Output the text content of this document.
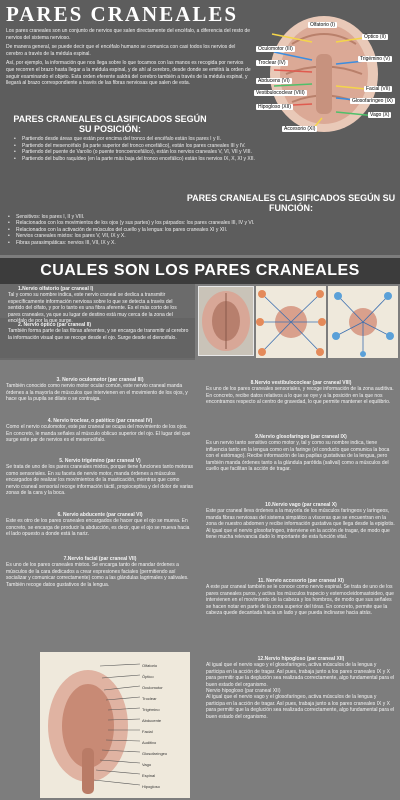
PARES CRANEALES

Los pares craneales son un conjunto de nervios que salen directamente del encéfalo, a diferencia del resto de nervios del sistema nervioso.

De manera general, se puede decir que el encéfalo humano se comunica con casi todos los nervios del cerebro a través de la médula espinal.

Así, por ejemplo, la información que nos llega sobre lo que tocamos con las manos es recogida por nervios que recorren el brazo hasta llegar a la médula espinal, y de ahí al cerebro, desde donde se emitirá la orden de seguir examinando el objeto. Esta orden eferente saldrá del cerebro también a través de la médula espinal, y llegará al brazo correspondiente a través de las fibras nerviosas que salen de esta.

Olfatorio (I)
Óptico (II)
Oculomotor (III)
Troclear (IV)
Trigémino (V)
Abducens (VI)
Facial (VII)
Vestibulococlear (VIII)
Glosofaríngeo (IX)
Vago (X)
Hipogloso (XII)
Accesorio (XI)
PARES CRANEALES CLASIFICADOS SEGÚN SU POSICIÓN:
• Partiendo desde áreas que están por encima del tronco del encéfalo están los pares I y II.
• Partiendo del mesencéfalo (la parte superior del tronco encefálico), están los pares craneales III y IV.
• Partiendo del puente de Varolio (o puente troncoencefálico), están los nervios craneales V, VI, VII y VIII.
• Partiendo del bulbo raquídeo (en la parte más baja del tronco encefálico) están los nervios IX, X, XI y XII.
PARES CRANEALES CLASIFICADOS SEGÚN SU FUNCIÓN:
• Sensitivos: los pares I, II y VIII.
• Relacionados con los movimientos de los ojos (y sus partes) y los párpados: los pares craneales III, IV y VI.
• Relacionados con la activación de músculos del cuello y la lengua: los pares craneales XI y XII.
• Nervios craneales mixtos: los pares V, VII, IX y X.
• Fibras parasimpáticas: nervios III, VII, IX y X.
CUALES SON LOS PARES CRANEALES
1.Nervio olfatorio (par craneal I)
Tal y como su nombre indica, este nervio craneal se dedica a transmitir específicamente información nerviosa sobre lo que se detecta a través del sentido del olfato, y por lo tanto es una fibra aferente. Es el más corto de los pares craneales, ya que su lugar de destino está muy cerca de la zona del encéfalo de por la que surge.
2. Nervio óptico (par craneal II)
También forma parte de las fibras aferentes, y se encarga de transmitir al cerebro la información visual que se recoge desde el ojo. Surge desde el diencéfalo.
3. Nervio oculomotor (par craneal III)
También conocido como nervio motor ocular común, este nervio craneal manda órdenes a la mayoría de músculos que intervienen en el movimiento de los ojos, y hace que la pupila se dilate o se contraiga.
4. Nervio troclear, o patético (par craneal IV)
Como el nervio oculomotor, este par craneal se ocupa del movimiento de los ojos. En concreto, le manda señales al músculo oblicuo superior del ojo. El lugar del que surge este par de nervios es el mesencéfalo.
5. Nervio trigémino (par craneal V)
Se trata de uno de los pares craneales mixtos, porque tiene funciones tanto motoras como sensoriales. En su faceta de nervio motor, manda órdenes a músculos encargados de realizar los movimientos de la masticación, mientras que como nervio craneal sensorial recoge información táctil, propioceptiva y del dolor de varias zonas de la cara y la boca.
6. Nervio abducente (par craneal VI)
Este es otro de los pares craneales encargados de hacer que el ojo se mueva. En concreto, se encarga de producir la abducción, es decir, que el ojo se mueva hacia el lado opuesto a donde está la nariz.
7.Nervio facial (par craneal VII)
Es uno de los pares craneales mixtos. Se encarga tanto de mandar órdenes a músculos de la cara dedicados a crear expresiones faciales (permitiendo así socializar y comunicar correctamente) como a las glándulas lagrimales y salivales. También recoge datos gustativos de la lengua.
8.Nervio vestibulococlear (par craneal VIII)
Es uno de los pares craneales sensoriales, y recoge información de la zona auditiva. En concreto, recibe datos relativos a lo que se oye y a la posición en la que nos encontramos respecto al centro de gravedad, lo que permite mantener el equilibrio.
9.Nervio glosofaríngeo (par craneal IX)
Es un nervio tanto sensitivo como motor y, tal y como su nombre indica, tiene influencia tanto en la lengua como en la faringe (el conducto que comunica la boca con el estómago). Recibe información de las papilas gustativas de la lengua, pero también manda órdenes tanto a la glándula parótida (salival) como a músculos del cuello que facilitan la acción de tragar.
10.Nervio vago (par craneal X)
Este par craneal lleva órdenes a la mayoría de los músculos faríngeos y laríngeos, manda fibras nerviosas del sistema simpático a vísceras que se encuentran en la zona de nuestro abdomen y recibe información gustativa que llega desde la epiglotis. Al igual que el nervio glosofaríngeo, interviene en la acción de tragar, de modo que tiene mucha relevancia dado lo importante de esta función vital.
11. Nervio accesorio (par craneal XI)
A este par craneal también se le conoce como nervio espinal. Se trata de uno de los pares craneales puros, y activa los músculos trapecio y esternocleidomastoideo, que intervienen en el movimiento de la cabeza y los hombros, de modo que sus señales se hacen notar en parte de la zona superior del tórax. En concreto, permite que la cabeza quede decantada hacia un lado y que pueda inclinarse hacia atrás.
12.Nervio hipogloso (par craneal XII)
Al igual que el nervio vago y el glosofaríngeo, activa músculos de la lengua y participa en la acción de tragar. Así pues, trabaja junto a los pares craneales IX y X para permitir que la deglución sea realizada correctamente, algo fundamental para el buen estado del organismo.
Nervio hipogloso (par craneal XII)
Al igual que el nervio vago y el glosofaríngeo, activa músculos de la lengua y participa en la acción de tragar. Así pues, trabaja junto a los pares craneales IX y X para permitir que la deglución sea realizada correctamente, algo fundamental para el buen estado del organismo.
Olfatorio
Óptico
Oculomotor
Troclear
Trigémino
Abducente
Facial
Auditivo
Glosofaríngeo
Vago
Espinal
Hipogloso
